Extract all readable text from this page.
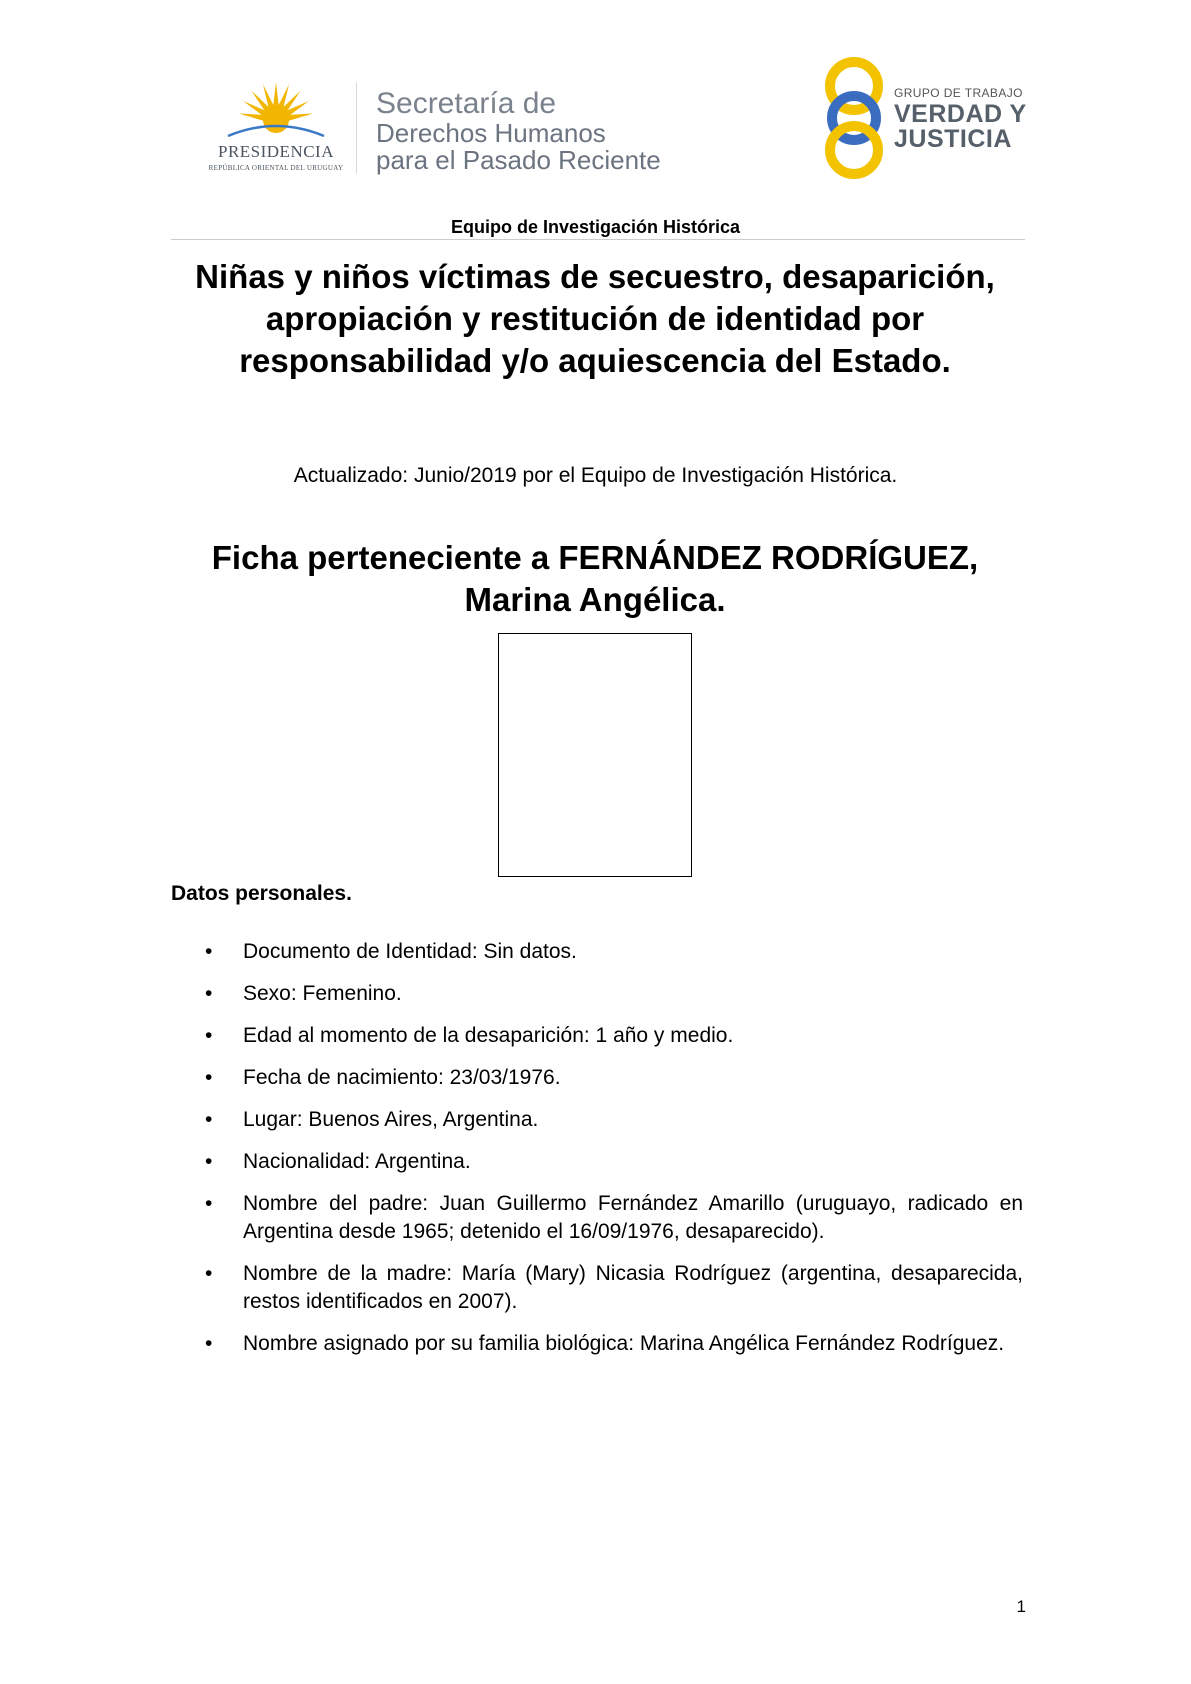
PRESIDENCIA
REPÚBLICA ORIENTAL DEL URUGUAY
Secretaría de
Derechos Humanos
para el Pasado Reciente
GRUPO DE TRABAJO
VERDAD Y
JUSTICIA
Equipo de Investigación Histórica
Niñas y niños víctimas de secuestro, desaparición, apropiación y restitución de identidad por responsabilidad y/o aquiescencia del Estado.
Actualizado: Junio/2019 por el Equipo de Investigación Histórica.
Ficha perteneciente a FERNÁNDEZ RODRÍGUEZ,
Marina Angélica.
Datos personales.
• Documento de Identidad: Sin datos.
• Sexo: Femenino.
• Edad al momento de la desaparición: 1 año y medio.
• Fecha de nacimiento: 23/03/1976.
• Lugar: Buenos Aires, Argentina.
• Nacionalidad: Argentina.
• Nombre del padre: Juan Guillermo Fernández Amarillo (uruguayo, radicado en Argentina desde 1965; detenido el 16/09/1976, desaparecido).
• Nombre de la madre: María (Mary) Nicasia Rodríguez (argentina, desaparecida, restos identificados en 2007).
• Nombre asignado por su familia biológica: Marina Angélica Fernández Rodríguez.
1
